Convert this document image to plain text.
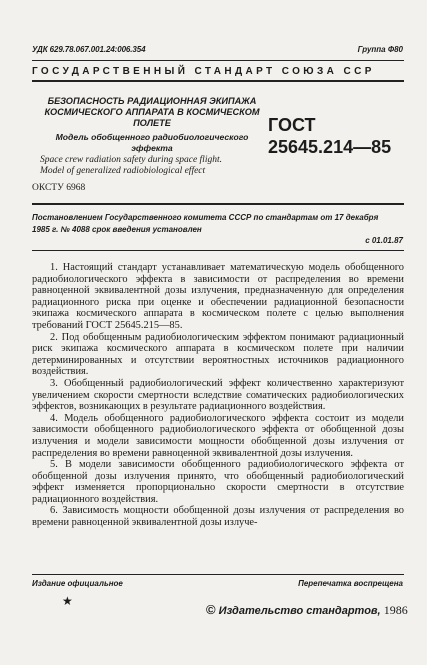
УДК 629.78.067.001.24:006.354	Группа Ф80
ГОСУДАРСТВЕННЫЙ СТАНДАРТ СОЮЗА ССР
БЕЗОПАСНОСТЬ РАДИАЦИОННАЯ ЭКИПАЖА
КОСМИЧЕСКОГО АППАРАТА В КОСМИЧЕСКОМ
ПОЛЕТЕ
Модель обобщенного радиобиологического
эффекта
Space crew radiation safety during space flight.
Model of generalized radiobiological effect
ГОСТ
25645.214—85
ОКСТУ 6968
Постановлением Государственного комитета СССР по стандартам от 17 декабря
1985 г. № 4088 срок введения установлен
с 01.01.87

1. Настоящий стандарт устанавливает математическую модель обобщенного радиобиологического эффекта в зависимости от распределения во времени равноценной эквивалентной дозы излучения, предназначенную для определения радиационного риска при оценке и обеспечении радиационной безопасности экипажа космического аппарата в космическом полете с целью выполнения требований ГОСТ 25645.215—85.

2. Под обобщенным радиобиологическим эффектом понимают радиационный риск экипажа космического аппарата в космическом полете при наличии детерминированных и отсутствии вероятностных источников радиационного воздействия.

3. Обобщенный радиобиологический эффект количественно характеризуют увеличением скорости смертности вследствие соматических радиобиологических эффектов, возникающих в результате радиационного воздействия.

4. Модель обобщенного радиобиологического эффекта состоит из модели зависимости обобщенного радиобиологического эффекта от обобщенной дозы излучения и модели зависимости мощности обобщенной дозы излучения от распределения во времени равноценной эквивалентной дозы излучения.

5. В модели зависимости обобщенного радиобиологического эффекта от обобщенной дозы излучения принято, что обобщенный радиобиологический эффект изменяется пропорционально скорости смертности в отсутствие радиационного воздействия.

6. Зависимость мощности обобщенной дозы излучения от распределения во времени равноценной эквивалентной дозы излуче-

Издание официальное	Перепечатка воспрещена
★
© Издательство стандартов, 1986
